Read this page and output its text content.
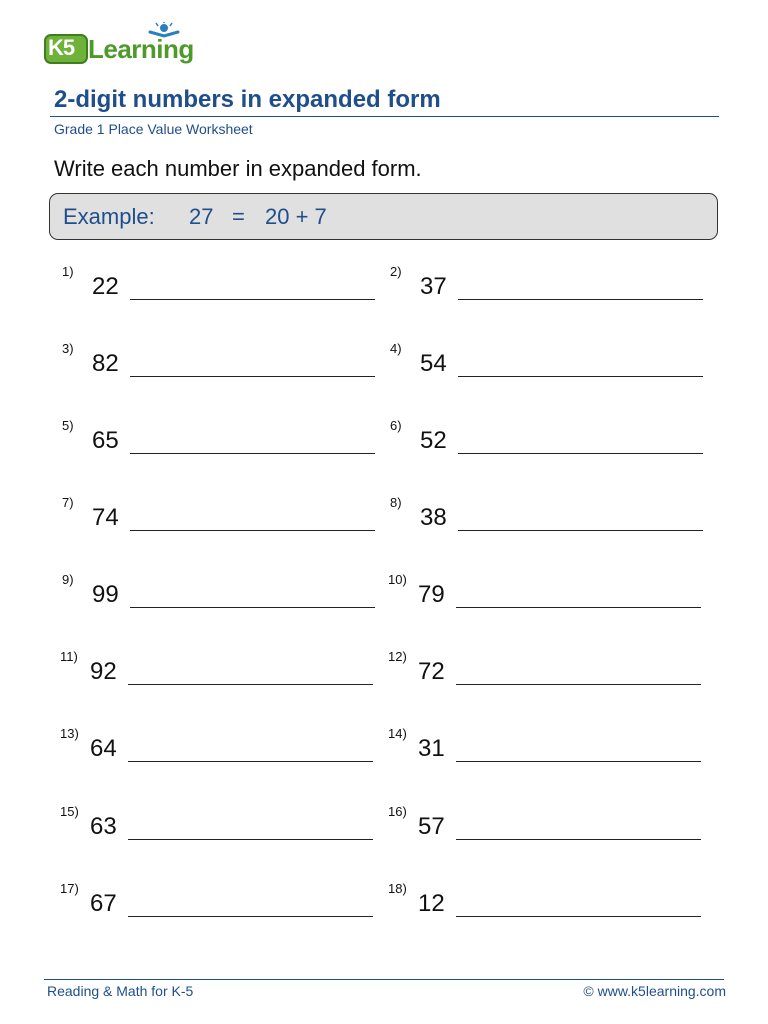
K5 Learning
2-digit numbers in expanded form
Grade 1 Place Value Worksheet
Write each number in expanded form.
Example: 27 = 20 + 7
1)
22
2)
37
3)
82
4)
54
5)
65
6)
52
7)
74
8)
38
9)
99
10)
79
11)
92
12)
72
13)
64
14)
31
15)
63
16)
57
17)
67
18)
12
Reading & Math for K-5	© www.k5learning.com
